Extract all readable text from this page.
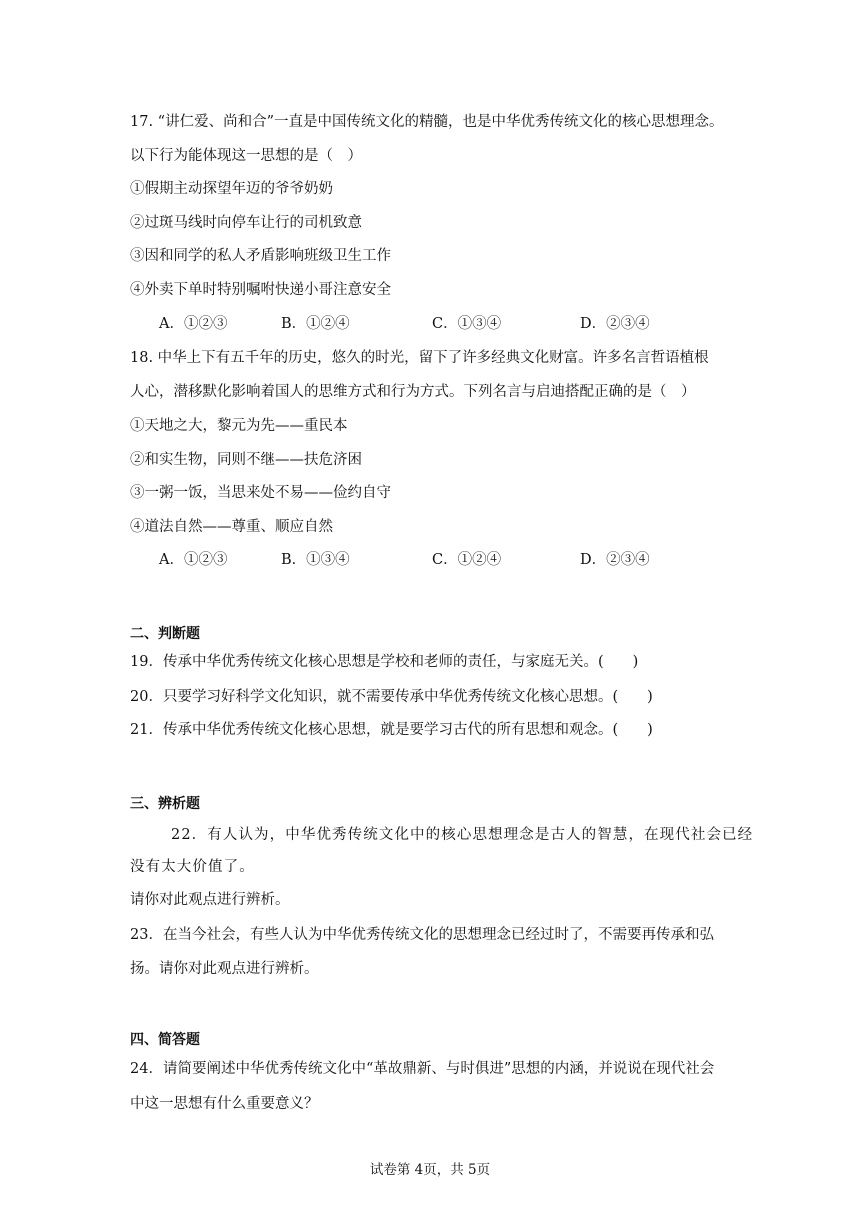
17. “讲仁爱、尚和合”一直是中国传统文化的精髓，也是中华优秀传统文化的核心思想理念。
以下行为能体现这一思想的是（　）
①假期主动探望年迈的爷爷奶奶
②过斑马线时向停车让行的司机致意
③因和同学的私人矛盾影响班级卫生工作
④外卖下单时特别嘱咐快递小哥注意安全
A．①②③	B．①②④	C．①③④	D．②③④
18. 中华上下有五千年的历史，悠久的时光，留下了许多经典文化财富。许多名言哲语植根
人心，潜移默化影响着国人的思维方式和行为方式。下列名言与启迪搭配正确的是（　）
①天地之大，黎元为先——重民本
②和实生物，同则不继——扶危济困
③一粥一饭，当思来处不易——俭约自守
④道法自然——尊重、顺应自然
A．①②③	B．①③④	C．①②④	D．②③④
二、判断题
19．传承中华优秀传统文化核心思想是学校和老师的责任，与家庭无关。(　　)
20．只要学习好科学文化知识，就不需要传承中华优秀传统文化核心思想。(　　)
21．传承中华优秀传统文化核心思想，就是要学习古代的所有思想和观念。(　　)
三、辨析题
22．有人认为，中华优秀传统文化中的核心思想理念是古人的智慧，在现代社会已经
没有太大价值了。
请你对此观点进行辨析。
23．在当今社会，有些人认为中华优秀传统文化的思想理念已经过时了，不需要再传承和弘
扬。请你对此观点进行辨析。
四、简答题
24．请简要阐述中华优秀传统文化中“革故鼎新、与时俱进”思想的内涵，并说说在现代社会
中这一思想有什么重要意义？
试卷第 4页，共 5页
